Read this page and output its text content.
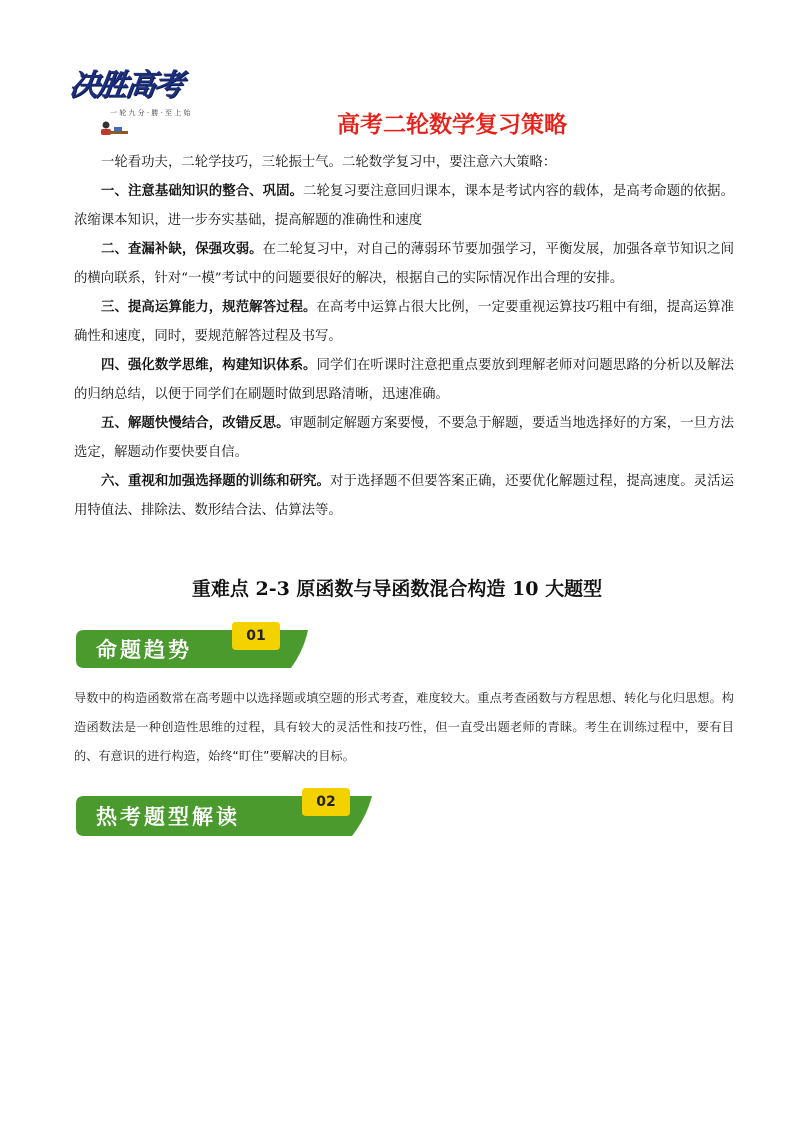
决胜高考
一 轮 九 分 · 勝 · 至 上 始	高考二轮数学复习策略

一轮看功夫，二轮学技巧，三轮振士气。二轮数学复习中，要注意六大策略：

一、注意基础知识的整合、巩固。二轮复习要注意回归课本，课本是考试内容的载体，是高考命题的依据。浓缩课本知识，进一步夯实基础，提高解题的准确性和速度

二、查漏补缺，保强攻弱。在二轮复习中，对自己的薄弱环节要加强学习，平衡发展，加强各章节知识之间的横向联系，针对“一模”考试中的问题要很好的解决，根据自己的实际情况作出合理的安排。

三、提高运算能力，规范解答过程。在高考中运算占很大比例，一定要重视运算技巧粗中有细，提高运算准确性和速度，同时，要规范解答过程及书写。

四、强化数学思维，构建知识体系。同学们在听课时注意把重点要放到理解老师对问题思路的分析以及解法的归纳总结，以便于同学们在刷题时做到思路清晰，迅速准确。

五、解题快慢结合，改错反思。审题制定解题方案要慢，不要急于解题，要适当地选择好的方案，一旦方法选定，解题动作要快要自信。

六、重视和加强选择题的训练和研究。对于选择题不但要答案正确，还要优化解题过程，提高速度。灵活运用特值法、排除法、数形结合法、估算法等。

重难点 2-3 原函数与导函数混合构造 10 大题型
命题趋势
01

导数中的构造函数常在高考题中以选择题或填空题的形式考查，难度较大。重点考查函数与方程思想、转化与化归思想。构造函数法是一种创造性思维的过程，具有较大的灵活性和技巧性，但一直受出题老师的青睐。考生在训练过程中，要有目的、有意识的进行构造，始终“盯住”要解决的目标。

热考题型解读
02
